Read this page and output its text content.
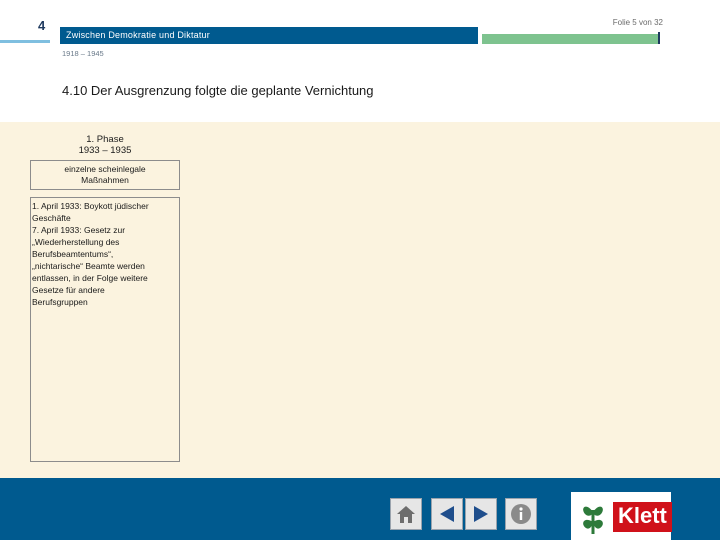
4	Folie 5 von 32
Zwischen Demokratie und Diktatur
1918 – 1945
4.10 Der Ausgrenzung folgte die geplante Vernichtung
1. Phase
1933 – 1935
einzelne scheinlegale
Maßnahmen
1. April 1933: Boykott jüdischer
Geschäfte
7. April 1933: Gesetz zur
„Wiederherstellung des
Berufsbeamtentums“,
„nichtarische“ Beamte werden
entlassen, in der Folge weitere
Gesetze für andere
Berufsgruppen
Klett
